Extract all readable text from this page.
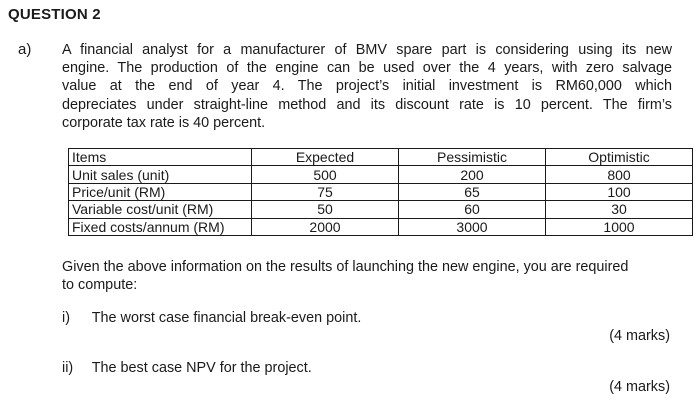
QUESTION 2
a) A financial analyst for a manufacturer of BMV spare part is considering using its new
engine. The production of the engine can be used over the 4 years, with zero salvage
value at the end of year 4. The project’s initial investment is RM60,000 which
depreciates under straight-line method and its discount rate is 10 percent. The firm’s
corporate tax rate is 40 percent.
Items	Expected	Pessimistic	Optimistic
Unit sales (unit)	500	200	800
Price/unit (RM)	75	65	100
Variable cost/unit (RM)	50	60	30
Fixed costs/annum (RM)	2000	3000	1000
Given the above information on the results of launching the new engine, you are required
to compute:
i) The worst case financial break-even point.
(4 marks)
ii) The best case NPV for the project.
(4 marks)
